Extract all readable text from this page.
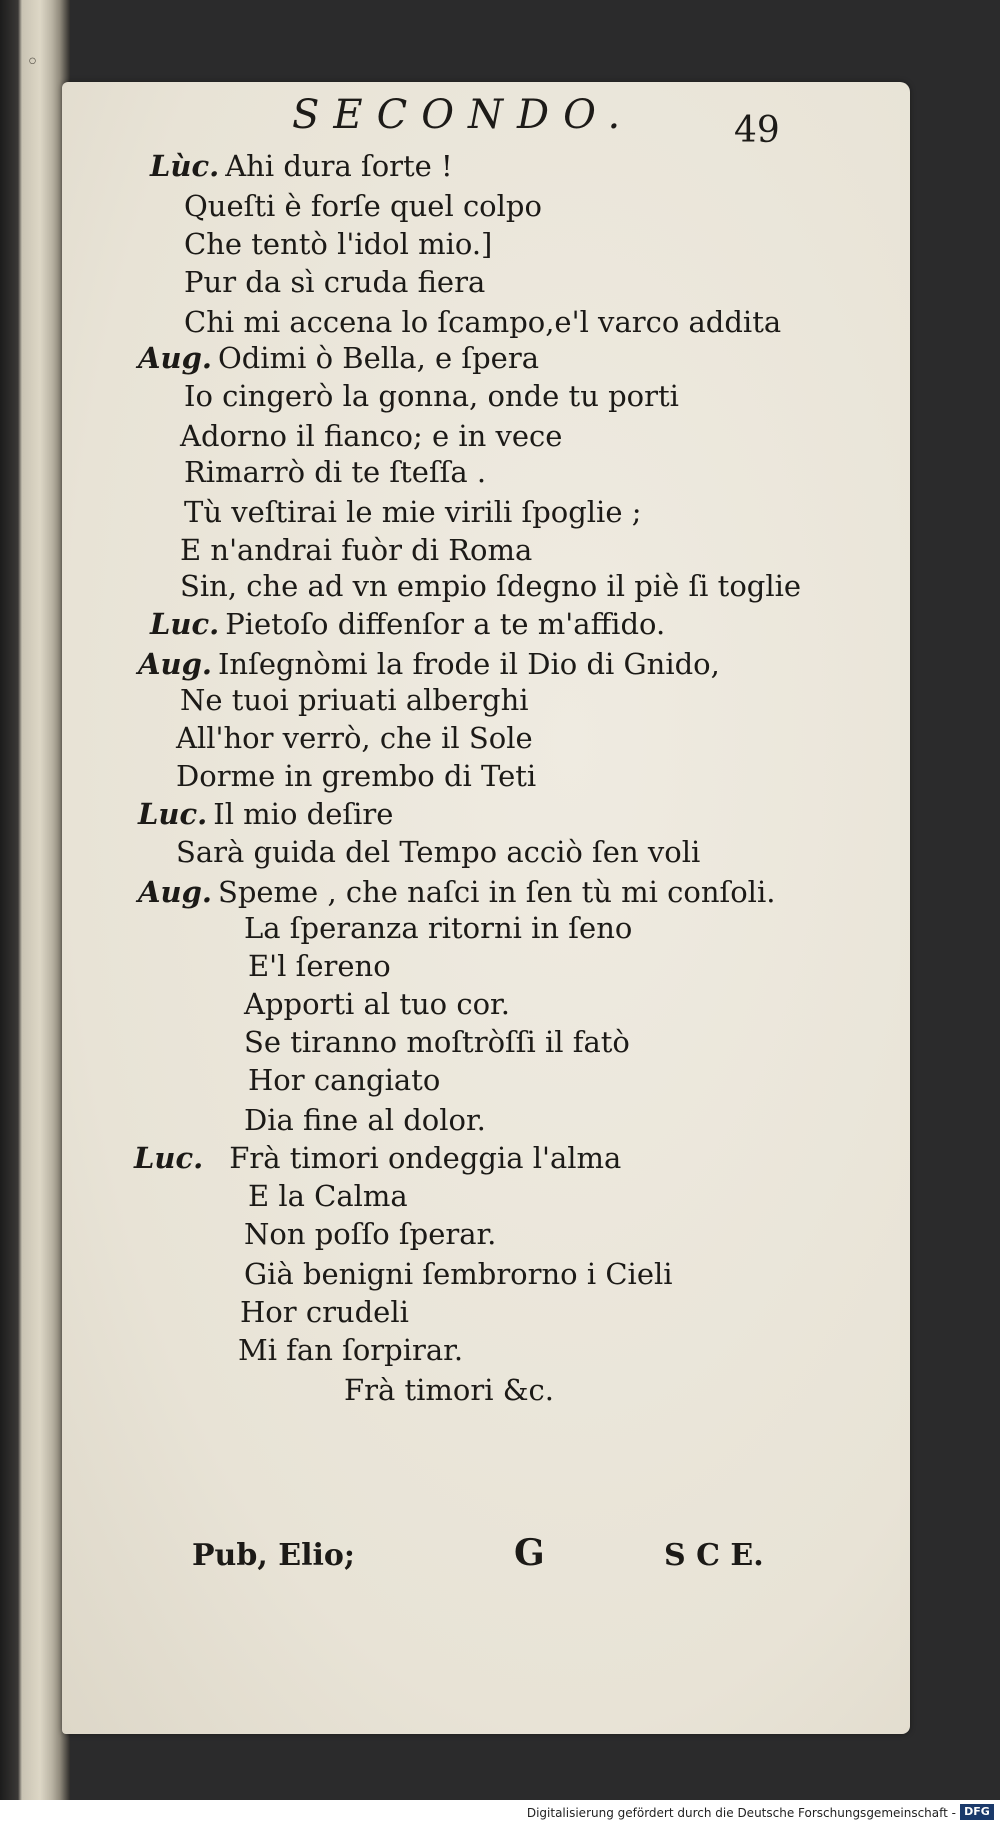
◦
SECONDO.	49
Lùc. Ahi dura ſorte !
Queſti è forſe quel colpo
Che tentò l'idol mio.]
Pur da sì cruda fiera
Chi mi accena lo ſcampo,e'l varco addita
Aug. Odimi ò Bella, e ſpera
Io cingerò la gonna, onde tu porti
Adorno il fianco; e in vece
Rimarrò di te ſteſſa .
Tù veſtirai le mie virili ſpoglie ;
E n'andrai fuòr di Roma
Sin, che ad vn empio ſdegno il piè ſi toglie
Luc. Pietoſo diffenſor a te m'affido.
Aug. Inſegnòmi la frode il Dio di Gnido,
Ne tuoi priuati alberghi
All'hor verrò, che il Sole
Dorme in grembo di Teti
Luc. Il mio deſire
Sarà guida del Tempo acciò ſen voli
Aug. Speme , che naſci in ſen tù mi conſoli.
La ſperanza ritorni in ſeno
E'l ſereno
Apporti al tuo cor.
Se tiranno moſtròſſi il fatò
Hor cangiato
Dia fine al dolor.
Luc. Frà timori ondeggia l'alma
E la Calma
Non poſſo ſperar.
Già benigni ſembrorno i Cieli
Hor crudeli
Mi fan ſorpirar.
Frà timori &c.
Pub, Elio;	G	S C E.
Digitalisierung gefördert durch die Deutsche Forschungsgemeinschaft - DFG
